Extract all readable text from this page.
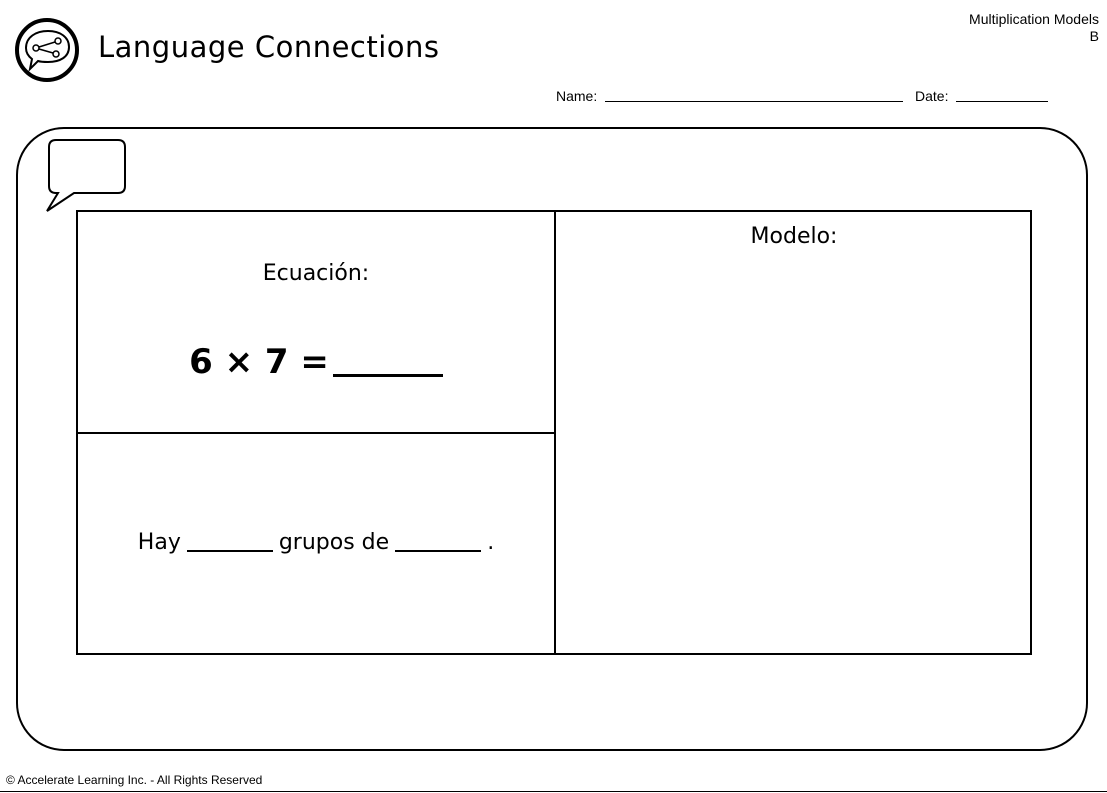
Language Connections
Multiplication Models
B
Name:	Date:
Ecuación:
6 × 7 =
Hay	grupos de	.
Modelo:
© Accelerate Learning Inc. - All Rights Reserved
